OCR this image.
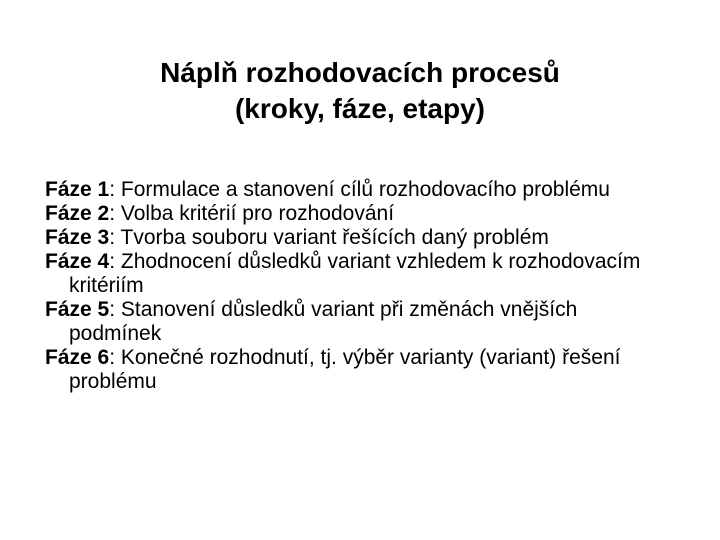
Náplň rozhodovacích procesů
(kroky, fáze, etapy)
Fáze 1: Formulace a stanovení cílů rozhodovacího problému
Fáze 2: Volba kritérií pro rozhodování
Fáze 3: Tvorba souboru variant řešících daný problém
Fáze 4: Zhodnocení důsledků variant vzhledem k rozhodovacím kritériím
Fáze 5: Stanovení důsledků variant při změnách vnějších podmínek
Fáze 6: Konečné rozhodnutí, tj. výběr varianty (variant) řešení problému
